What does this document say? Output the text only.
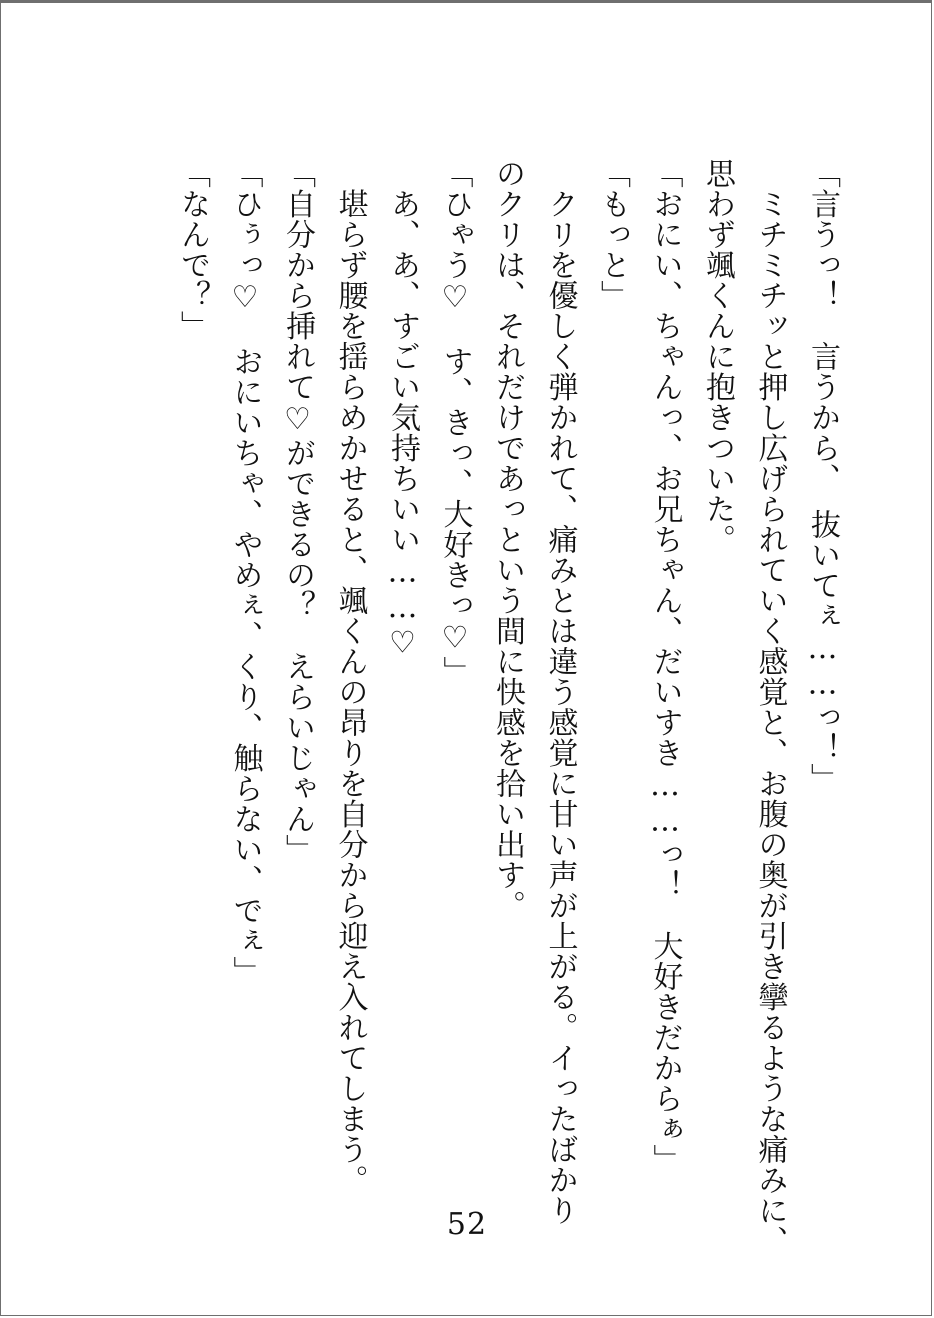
「言うっ！　言うから、　抜いてぇ……っ！」

　ミチミチッと押し広げられていく感覚と、お腹の奥が引き攣るような痛みに、

思わず颯くんに抱きついた。

「おにい、ちゃんっ、お兄ちゃん、だいすき……っ！　大好きだからぁ」

「もっと」

　クリを優しく弾かれて、痛みとは違う感覚に甘い声が上がる。イったばかり

のクリは、それだけであっという間に快感を拾い出す。

「ひゃう♡　す、きっ、大好きっ♡」

　あ、あ、すごい気持ちいい……♡

　堪らず腰を揺らめかせると、颯くんの昂りを自分から迎え入れてしまう。

「自分から挿れて♡ができるの？　えらいじゃん」

「ひぅっ♡　おにいちゃ、やめぇ、くり、触らない、でぇ」

「なんで？」

52
